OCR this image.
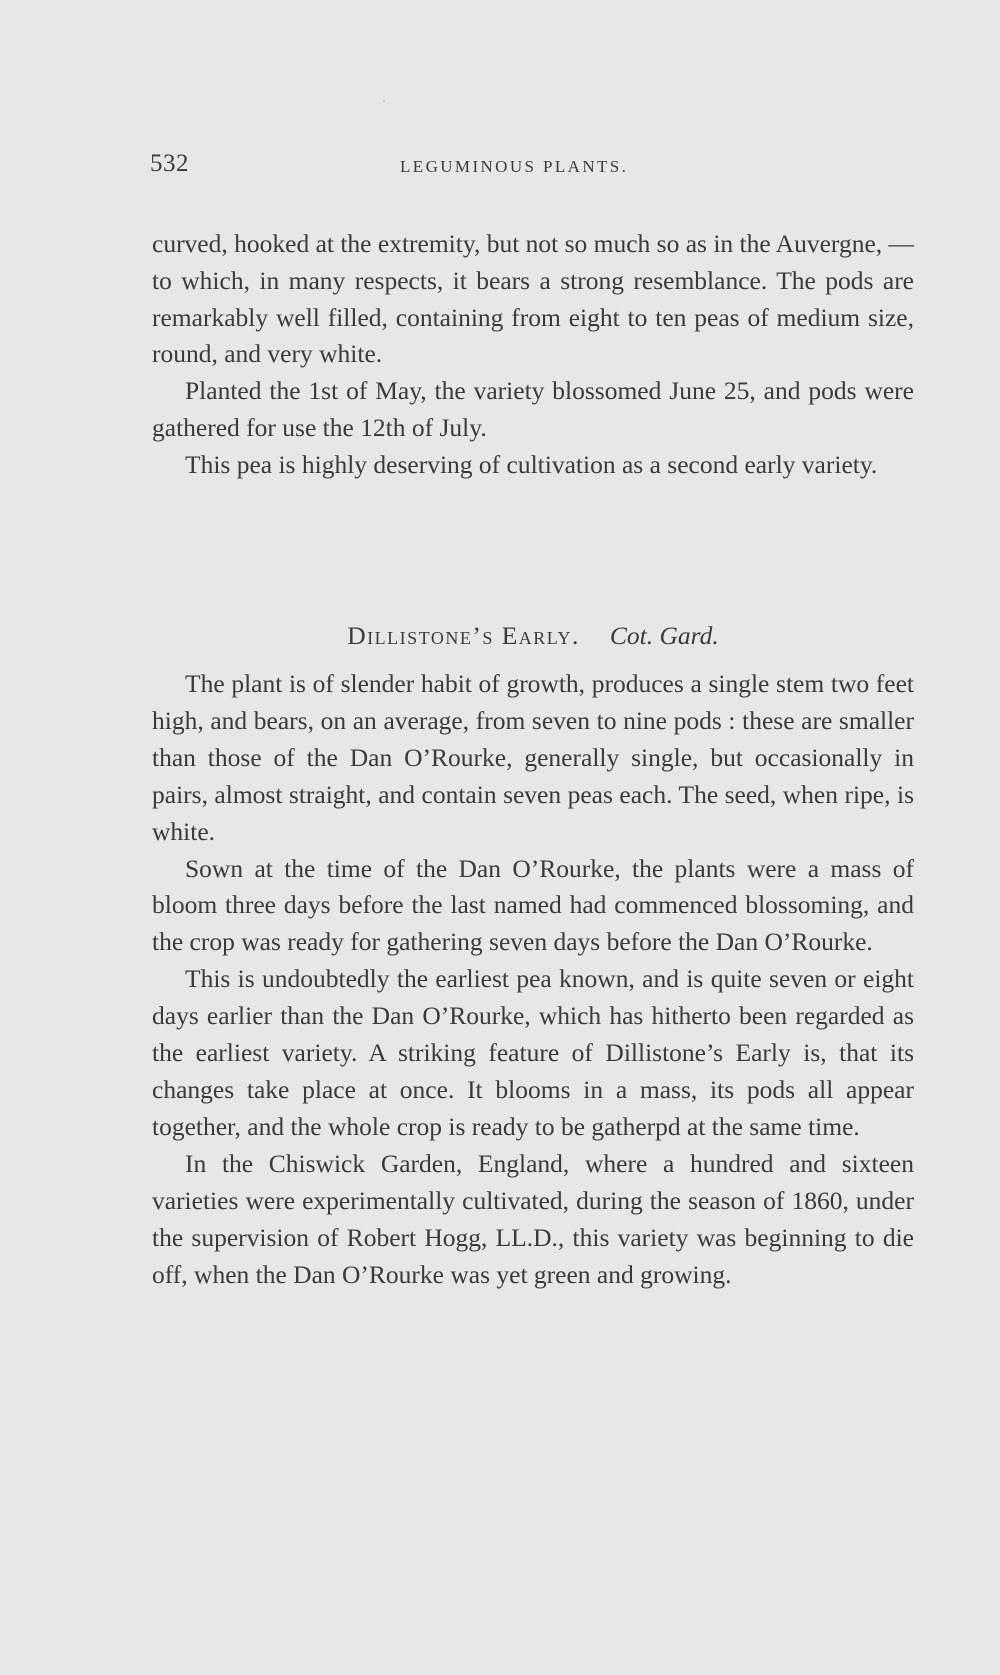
532	LEGUMINOUS PLANTS.

curved, hooked at the extremity, but not so much so as in the Auvergne, — to which, in many respects, it bears a strong resemblance. The pods are remarkably well filled, containing from eight to ten peas of medium size, round, and very white.

Planted the 1st of May, the variety blossomed June 25, and pods were gathered for use the 12th of July.

This pea is highly deserving of cultivation as a second early variety.

Dillistone’s Early. Cot. Gard.

The plant is of slender habit of growth, produces a single stem two feet high, and bears, on an average, from seven to nine pods : these are smaller than those of the Dan O’Rourke, generally single, but occasionally in pairs, almost straight, and contain seven peas each. The seed, when ripe, is white.

Sown at the time of the Dan O’Rourke, the plants were a mass of bloom three days before the last named had commenced blossoming, and the crop was ready for gathering seven days before the Dan O’Rourke.

This is undoubtedly the earliest pea known, and is quite seven or eight days earlier than the Dan O’Rourke, which has hitherto been regarded as the earliest variety. A striking feature of Dillistone’s Early is, that its changes take place at once. It blooms in a mass, its pods all appear together, and the whole crop is ready to be gatherpd at the same time.

In the Chiswick Garden, England, where a hundred and sixteen varieties were experimentally cultivated, during the season of 1860, under the supervision of Robert Hogg, LL.D., this variety was beginning to die off, when the Dan O’Rourke was yet green and growing.
